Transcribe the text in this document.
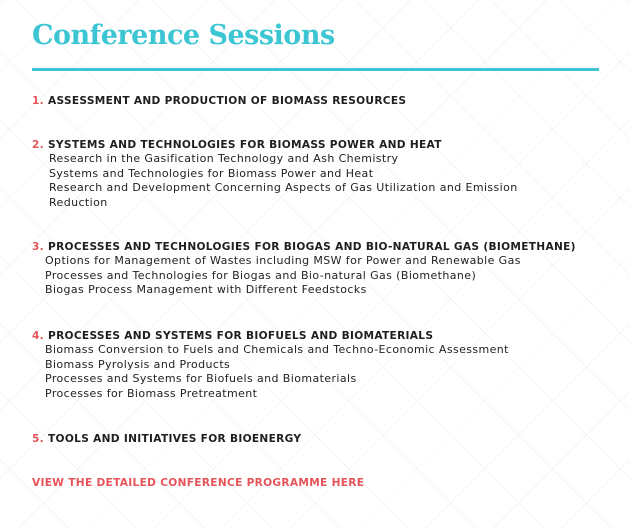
Conference Sessions
1. ASSESSMENT AND PRODUCTION OF BIOMASS RESOURCES
2. SYSTEMS AND TECHNOLOGIES FOR BIOMASS POWER AND HEAT
Research in the Gasification Technology and Ash Chemistry
Systems and Technologies for Biomass Power and Heat
Research and Development Concerning Aspects of Gas Utilization and Emission
Reduction
3. PROCESSES AND TECHNOLOGIES FOR BIOGAS AND BIO-NATURAL GAS (BIOMETHANE)
Options for Management of Wastes including MSW for Power and Renewable Gas
Processes and Technologies for Biogas and Bio-natural Gas (Biomethane)
Biogas Process Management with Different Feedstocks
4. PROCESSES AND SYSTEMS FOR BIOFUELS AND BIOMATERIALS
Biomass Conversion to Fuels and Chemicals and Techno-Economic Assessment
Biomass Pyrolysis and Products
Processes and Systems for Biofuels and Biomaterials
Processes for Biomass Pretreatment
5. TOOLS AND INITIATIVES FOR BIOENERGY
VIEW THE DETAILED CONFERENCE PROGRAMME HERE
